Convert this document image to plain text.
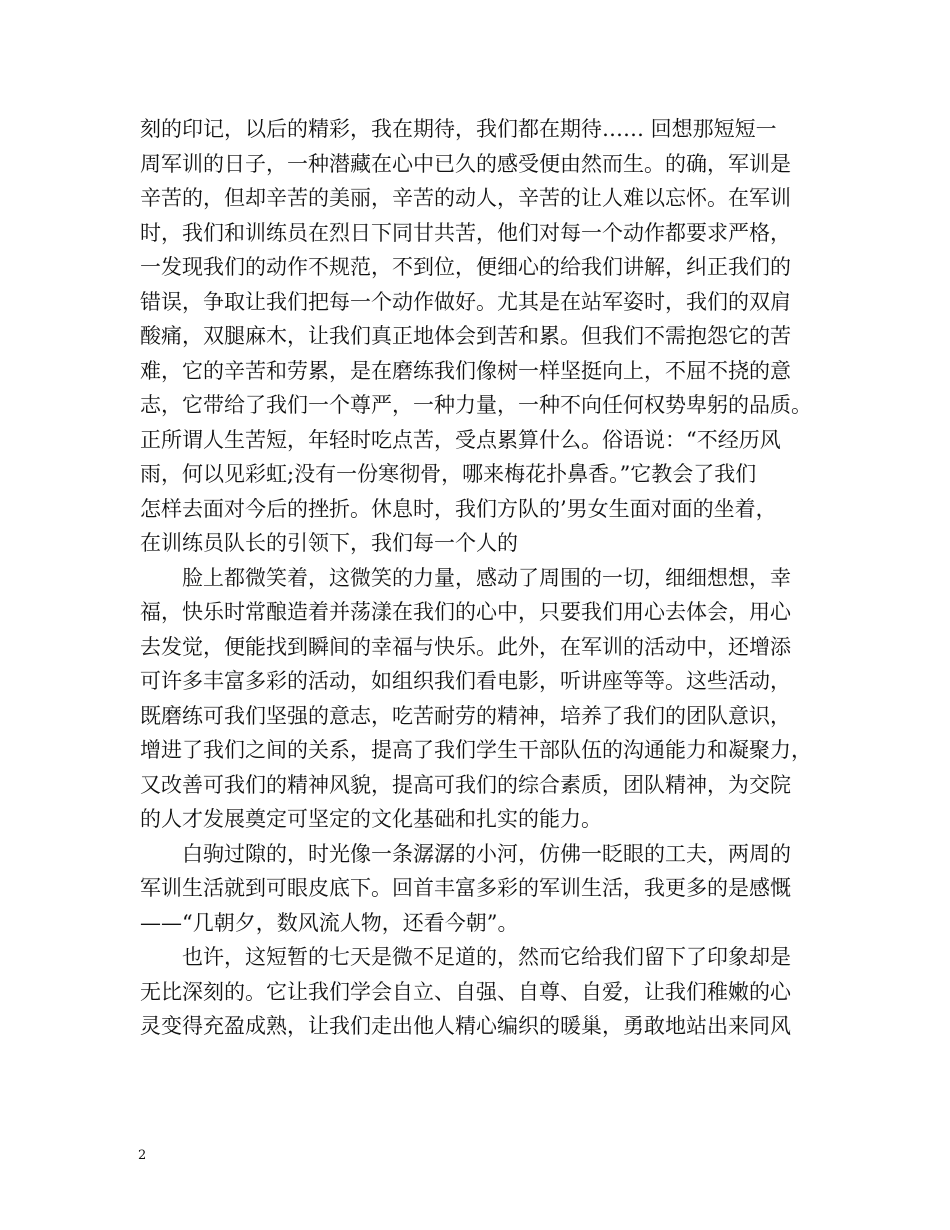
刻的印记，以后的精彩，我在期待，我们都在期待…… 回想那短短一
周军训的日子，一种潜藏在心中已久的感受便由然而生。的确，军训是
辛苦的，但却辛苦的美丽，辛苦的动人，辛苦的让人难以忘怀。在军训
时，我们和训练员在烈日下同甘共苦，他们对每一个动作都要求严格，
一发现我们的动作不规范，不到位，便细心的给我们讲解，纠正我们的
错误，争取让我们把每一个动作做好。尤其是在站军姿时，我们的双肩
酸痛，双腿麻木，让我们真正地体会到苦和累。但我们不需抱怨它的苦
难，它的辛苦和劳累，是在磨练我们像树一样坚挺向上，不屈不挠的意
志，它带给了我们一个尊严，一种力量，一种不向任何权势卑躬的品质。
正所谓人生苦短，年轻时吃点苦，受点累算什么。俗语说：“不经历风
雨，何以见彩虹;没有一份寒彻骨，哪来梅花扑鼻香。”它教会了我们
怎样去面对今后的挫折。休息时，我们方队的’男女生面对面的坐着，
在训练员队长的引领下，我们每一个人的
脸上都微笑着，这微笑的力量，感动了周围的一切，细细想想，幸
福，快乐时常酿造着并荡漾在我们的心中，只要我们用心去体会，用心
去发觉，便能找到瞬间的幸福与快乐。此外，在军训的活动中，还增添
可许多丰富多彩的活动，如组织我们看电影，听讲座等等。这些活动，
既磨练可我们坚强的意志，吃苦耐劳的精神，培养了我们的团队意识，
增进了我们之间的关系，提高了我们学生干部队伍的沟通能力和凝聚力，
又改善可我们的精神风貌，提高可我们的综合素质，团队精神，为交院
的人才发展奠定可坚定的文化基础和扎实的能力。
白驹过隙的，时光像一条潺潺的小河，仿佛一眨眼的工夫，两周的
军训生活就到可眼皮底下。回首丰富多彩的军训生活，我更多的是感慨
——“几朝夕，数风流人物，还看今朝”。
也许，这短暂的七天是微不足道的，然而它给我们留下了印象却是
无比深刻的。它让我们学会自立、自强、自尊、自爱，让我们稚嫩的心
灵变得充盈成熟，让我们走出他人精心编织的暖巢，勇敢地站出来同风
2
